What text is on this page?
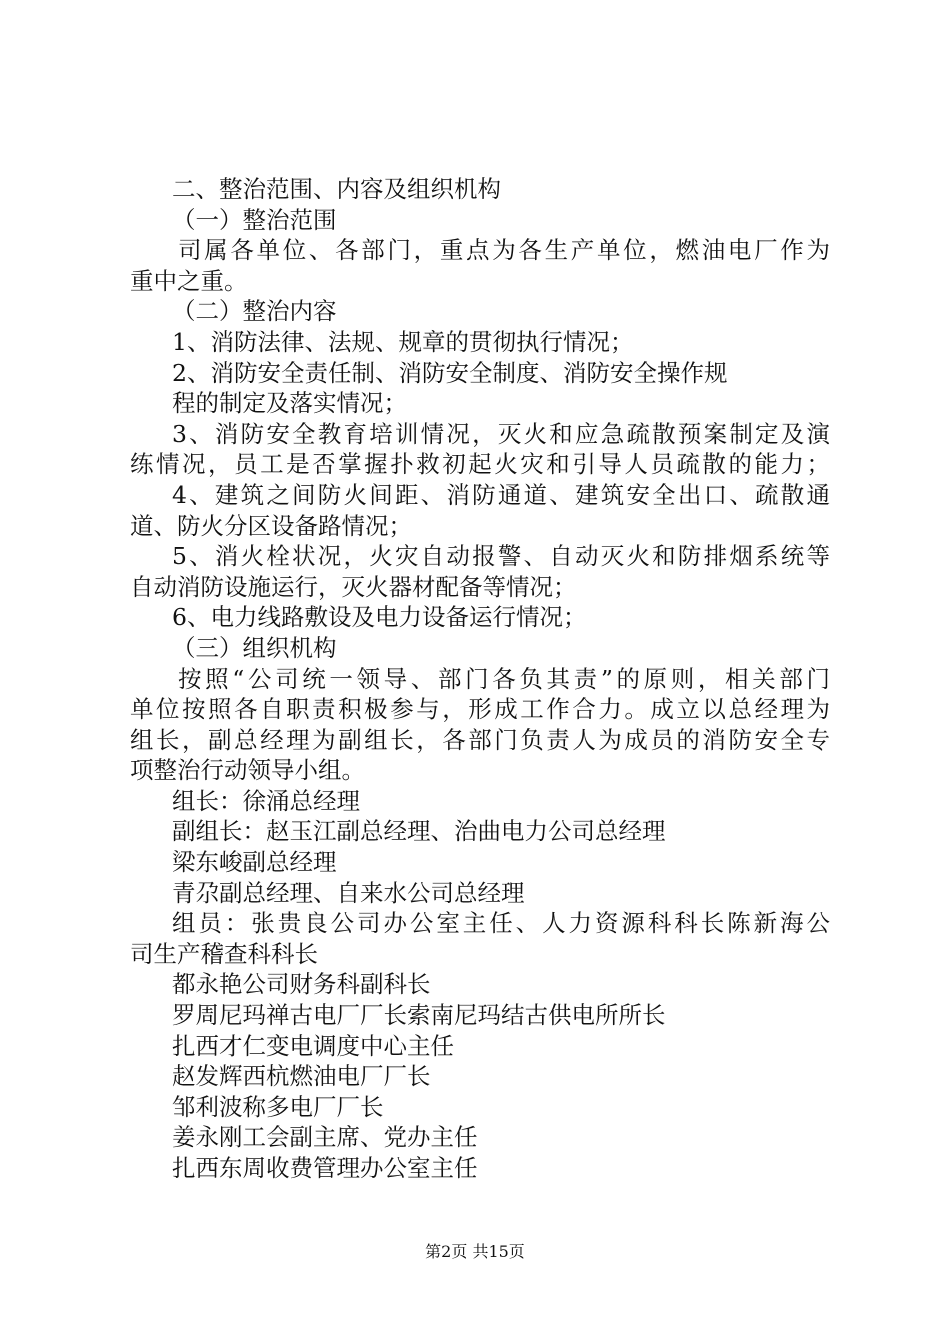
二、整治范围、内容及组织机构
（一）整治范围
司属各单位、各部门，重点为各生产单位，燃油电厂作为
重中之重。
（二）整治内容
1、消防法律、法规、规章的贯彻执行情况；
2、消防安全责任制、消防安全制度、消防安全操作规
程的制定及落实情况；
3、消防安全教育培训情况，灭火和应急疏散预案制定及演
练情况，员工是否掌握扑救初起火灾和引导人员疏散的能力；
4、建筑之间防火间距、消防通道、建筑安全出口、疏散通
道、防火分区设备路情况；
5、消火栓状况，火灾自动报警、自动灭火和防排烟系统等
自动消防设施运行，灭火器材配备等情况；
6、电力线路敷设及电力设备运行情况；
（三）组织机构
按照“公司统一领导、部门各负其责”的原则，相关部门
单位按照各自职责积极参与，形成工作合力。成立以总经理为
组长，副总经理为副组长，各部门负责人为成员的消防安全专
项整治行动领导小组。
组长：徐涌总经理
副组长：赵玉江副总经理、治曲电力公司总经理
梁东峻副总经理
青尕副总经理、自来水公司总经理
组员：张贵良公司办公室主任、人力资源科科长陈新海公
司生产稽查科科长
都永艳公司财务科副科长
罗周尼玛禅古电厂厂长索南尼玛结古供电所所长
扎西才仁变电调度中心主任
赵发辉西杭燃油电厂厂长
邹利波称多电厂厂长
姜永刚工会副主席、党办主任
扎西东周收费管理办公室主任
第2页 共15页
